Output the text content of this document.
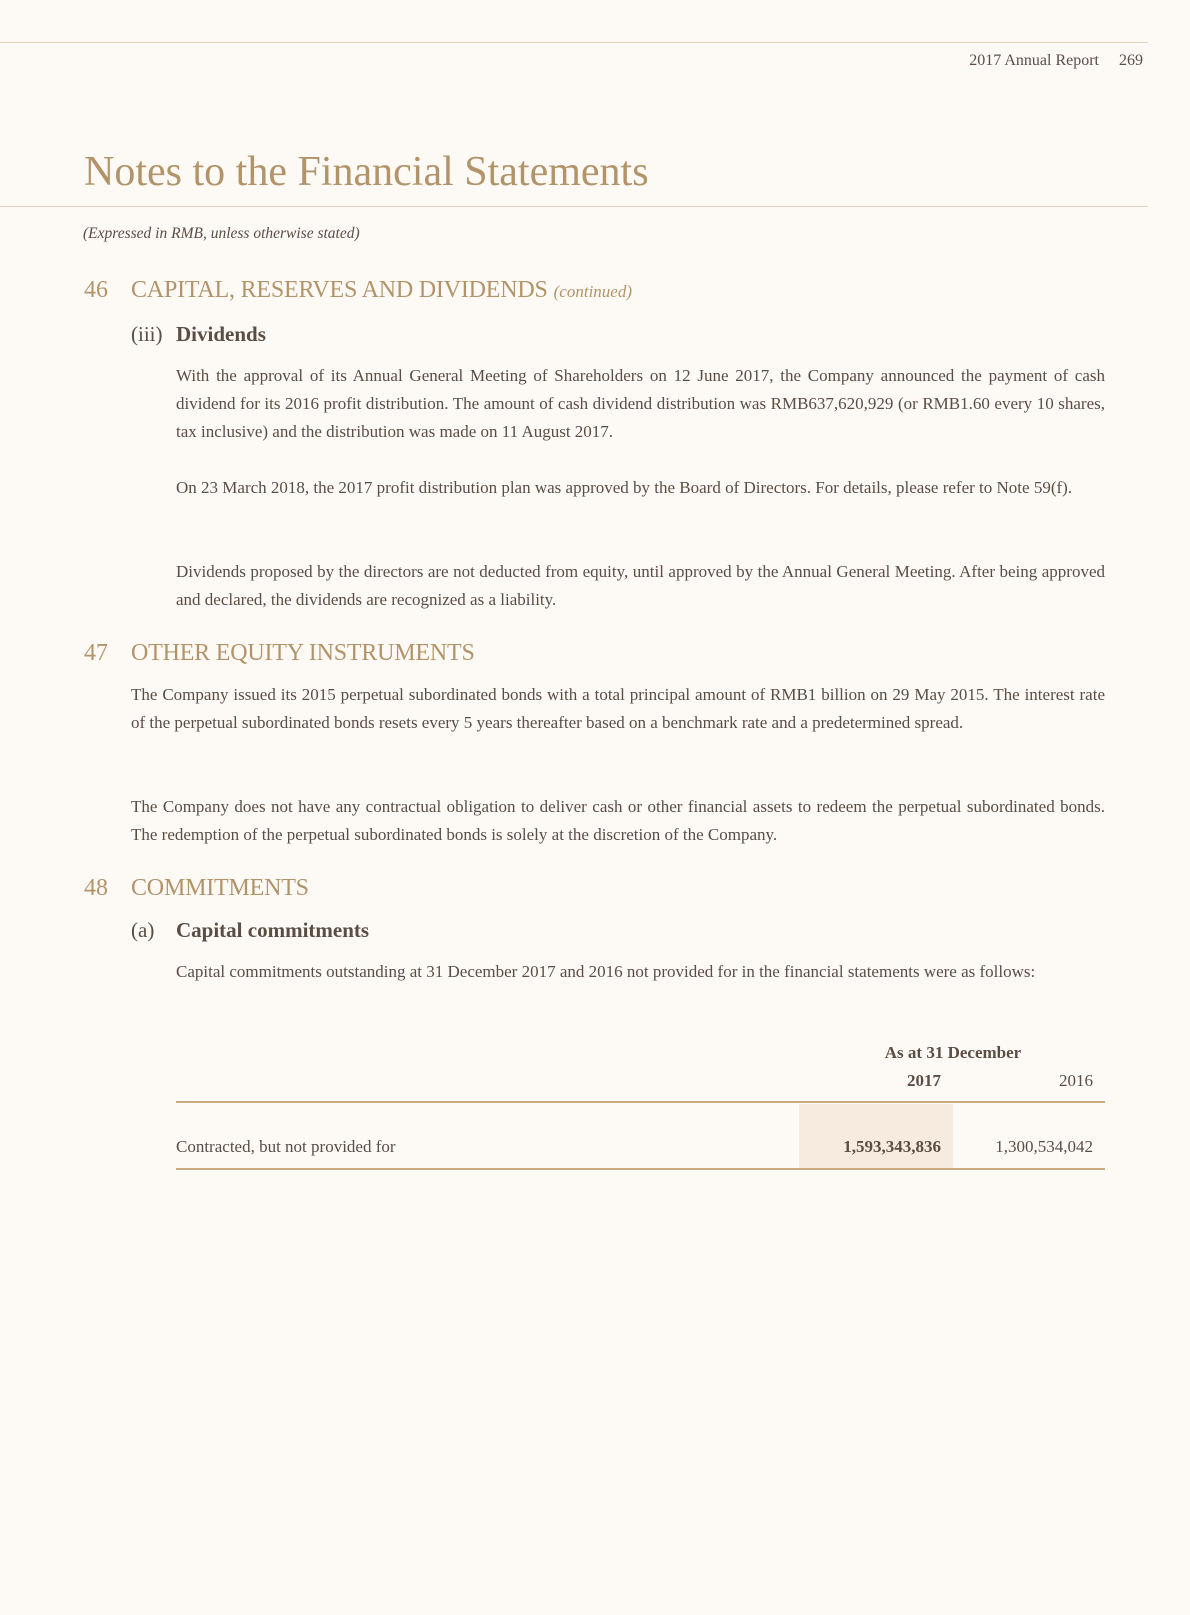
2017 Annual Report 269
Notes to the Financial Statements
(Expressed in RMB, unless otherwise stated)
46 CAPITAL, RESERVES AND DIVIDENDS (continued)
(iii) Dividends

With the approval of its Annual General Meeting of Shareholders on 12 June 2017, the Company announced the payment of cash dividend for its 2016 profit distribution. The amount of cash dividend distribution was RMB637,620,929 (or RMB1.60 every 10 shares, tax inclusive) and the distribution was made on 11 August 2017.

On 23 March 2018, the 2017 profit distribution plan was approved by the Board of Directors. For details, please refer to Note 59(f).

Dividends proposed by the directors are not deducted from equity, until approved by the Annual General Meeting. After being approved and declared, the dividends are recognized as a liability.

47 OTHER EQUITY INSTRUMENTS

The Company issued its 2015 perpetual subordinated bonds with a total principal amount of RMB1 billion on 29 May 2015. The interest rate of the perpetual subordinated bonds resets every 5 years thereafter based on a benchmark rate and a predetermined spread.

The Company does not have any contractual obligation to deliver cash or other financial assets to redeem the perpetual subordinated bonds. The redemption of the perpetual subordinated bonds is solely at the discretion of the Company.

48 COMMITMENTS
(a) Capital commitments

Capital commitments outstanding at 31 December 2017 and 2016 not provided for in the financial statements were as follows:

As at 31 December
2017	2016
Contracted, but not provided for	1,593,343,836	1,300,534,042
